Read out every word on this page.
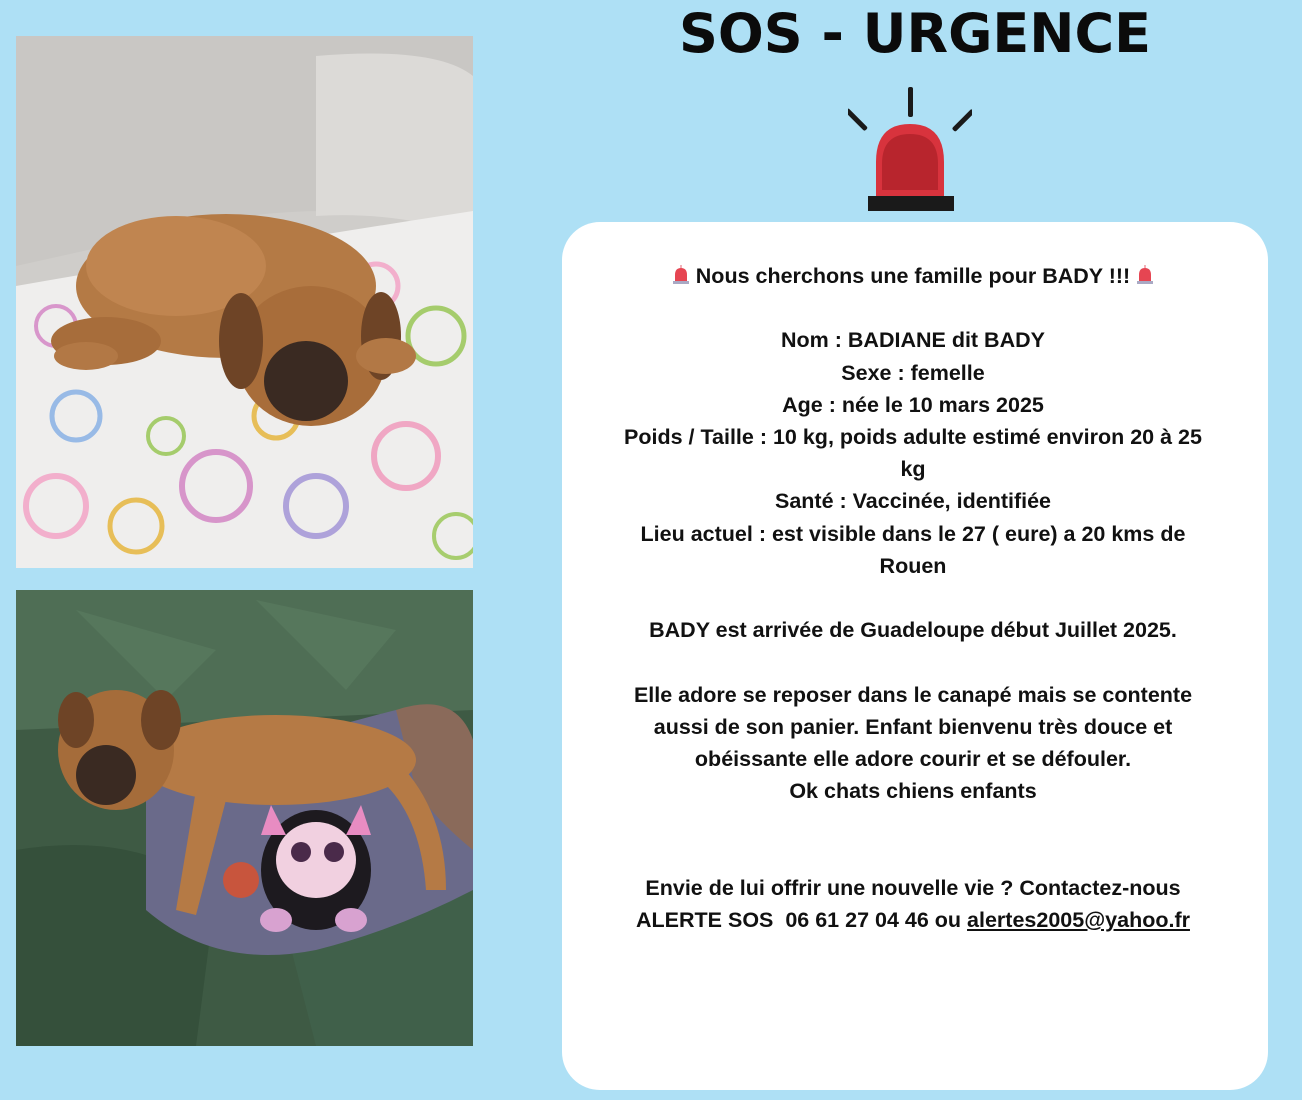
SOS - URGENCE
Nous cherchons une famille pour BADY !!!
Nom : BADIANE dit BADY
Sexe : femelle
Age : née le 10 mars 2025
Poids / Taille : 10 kg, poids adulte estimé environ 20 à 25
kg
Santé : Vaccinée, identifiée
Lieu actuel : est visible dans le 27 ( eure) a 20 kms de
Rouen
BADY est arrivée de Guadeloupe début Juillet 2025.
Elle adore se reposer dans le canapé mais se contente
aussi de son panier. Enfant bienvenu très douce et
obéissante elle adore courir et se défouler.
Ok chats chiens enfants
Envie de lui offrir une nouvelle vie ? Contactez-nous
ALERTE SOS  06 61 27 04 46 ou alertes2005@yahoo.fr
